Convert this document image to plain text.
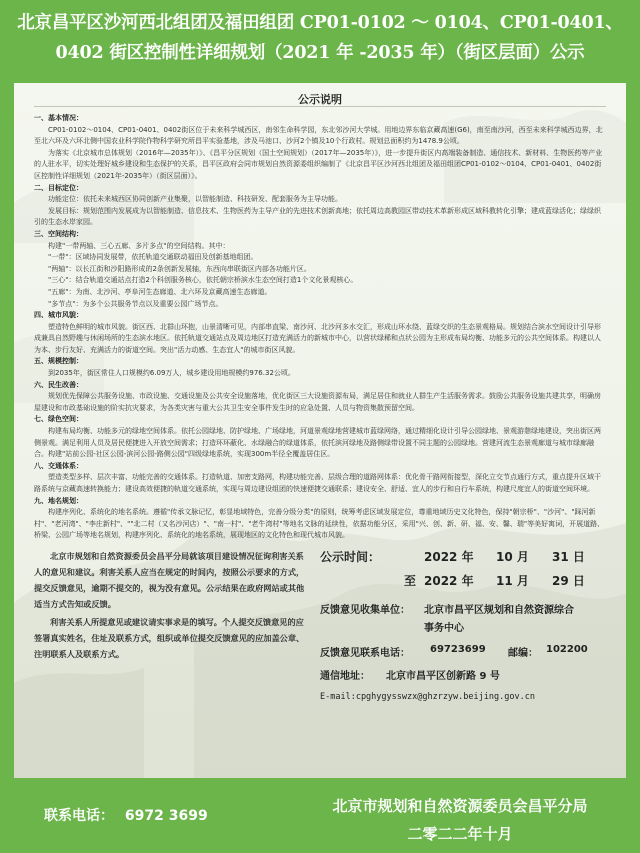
北京昌平区沙河西北组团及福田组团 CP01-0102 ～ 0104、CP01-0401、
0402 街区控制性详细规划（2021 年 -2035 年）（街区层面）公示
公示说明
一、基本情况：

CP01-0102～0104、CP01-0401、0402街区位于未来科学城西区，南邻生命科学园，东北邻沙河大学城。用地边界东临京藏高速(G6)，南至南沙河，西至未来科学城西边界，北至北六环及六环北侧中国农业科学院作物科学研究所昌平实验基地，涉及马池口、沙河2个镇及10个行政村。规划总面积约为1478.9公顷。

为落实《北京城市总体规划（2016年—2035年）》、《昌平分区规划（国土空间规划）（2017年—2035年）》，进一步提升街区内高端装备制造、通信技术、新材料、生物医药等产业的人驻水平，切实处理好城乡建设和生态保护的关系，昌平区政府会同市规划自然资源委组织编制了《北京昌平区沙河西北组团及福田组团CP01-0102～0104、CP01-0401、0402街区控制性详细规划（2021年-2035年）（街区层面）》。

二、目标定位：

功能定位：依托未来城西区协同创新产业集聚，以智能制造、科技研发、配套服务为主导功能。

发展目标：规划范围内发展成为以智能制造、信息技术、生物医药为主导产业的先进技术创新高地；依托周边高教园区带动技术革新形成区域科教转化引擎；建成蓝绿活化；绿绿织引的生态水岸家园。

三、空间结构：

构建"一带两轴、三心五廊、多片多点"的空间结构。其中：

"一带"：区域协同发展带，依托轨道交通联动福田及创新基地组团。

"两轴"：以长江街和沙阳路形成的2条创新发展轴，东西向串联街区内部各功能片区。

"三心"：结合轨道交通站点打造2个科创服务核心，依托朝宗桥滨水生态空间打造1个文化景观核心。

"五廊"：为南、北沙河、亭阜河生态廊道、北六环及京藏高速生态廊道。

"多节点"：为多个公共服务节点以及重要公园广场节点。

四、城市风貌：

塑造特色鲜明的城市风貌。街区西、北群山环抱，山景清晰可见，内部串直梁、南沙河、北沙河多水交汇，形成山环水绕、蓝绿交织的生态景观格局。规划结合滨水空间设计引导形成兼具自然野趣与休闲场所的生态滨水地区。依托轨道交通站点及周边地区打造充满活力的新城市中心，以营状绿稀和点状公园为主形成布局均衡、功能多元的公共空间体系。构建以人为本、步行友好、充满活力的街道空间。突出"活力动感、生态宜人"的城市街区风貌。

五、规模控制：

到2035年，街区常住人口规模约6.09万人，城乡建设用地规模约976.32公顷。

六、民生改善：

规划优先保障公共服务设施、市政设施、交通设施及公共安全设施落地，优化街区三大设施资源布局，满足居住和就业人群生产生活服务需求。鼓励公共服务设施共建共享，明确房屋建设和市政基础设施的阶实抗灾要求，为各类灾害与重大公共卫生安全事件发生时的应急处置、人员与物资集散预留空间。

七、绿色空间：

构建布局均衡、功能多元的绿地空间体系。依托公园绿地、防护绿地、广场绿地，河道景观绿地营建城市蓝绿网络，通过精细化设计引导公园绿地、景观游憩绿地建设，突出街区两侧景观。满足利用人员及居民便捷进入开放空间需求；打造环环蔽化、水绿融合的绿道体系，依托滨河绿地及路侧绿带设置不同主题的公园绿地。营建河流生态景观廊道与城市绿廊融合。构建"站前公园-社区公园-滨河公园-路侧公园"四级绿地系统，实现300m半径全覆盖居住区。

八、交通体系：

塑造类型多样、层次丰富、功能完善的交通体系。打造轨道、加密支路网，构建功能完善、层级合理的道路网体系：优化骨干路网衔接型，深化立交节点通行方式，重点提升区域干路系统与京藏高速转换能力；建设高效便捷的轨道交通系统，实现与周边建设组团的快速便捷交通联系；建设安全、舒适、宜人的步行和自行车系统，构建尺度宜人的街道空间环境。

九、地名规划：

构建序列化、系统化的地名系统。遵循"传承文脉记忆，彰显地域特色，完善分级分类"的原则，统筹考虑区域发展定位，尊重地域历史文化特色，保持"朝宗桥"、"沙河"、"踩河新村"、"老河湾"、"李庄新村"、""北二村（又名沙河店）"、"南一村"、"老牛湾村"等地名文脉的延续性，依据功能分区，采用"兴、创、新、研、福、安、馨、瑞"等美好寓词，开展道路、桥梁、公园广场等地名规划，构建序列化、系统化的地名系统，展现地区的文化特色和现代城市风貌。

北京市规划和自然资源委员会昌平分局就该项目建设情况征询利害关系人的意见和建议。利害关系人应当在规定的时间内，按照公示要求的方式，提交反馈意见，逾期不提交的，视为没有意见。公示结果在政府网站或其他适当方式告知或反馈。

利害关系人所提意见或建议请实事求是的填写。个人提交反馈意见的应签署真实姓名，住址及联系方式，组织或单位提交反馈意见的应加盖公章、注明联系人及联系方式。

公示时间：	2022 年 10 月 31 日
至 2022 年 11 月 29 日
反馈意见收集单位： 北京市昌平区规划和自然资源综合
事务中心
反馈意见联系电话： 69723699 邮编： 102200
通信地址： 北京市昌平区创新路 9 号
E-mail:cpghygysswzx@ghzrzyw.beijing.gov.cn
联系电话： 6972 3699
北京市规划和自然资源委员会昌平分局
二零二二年十月
